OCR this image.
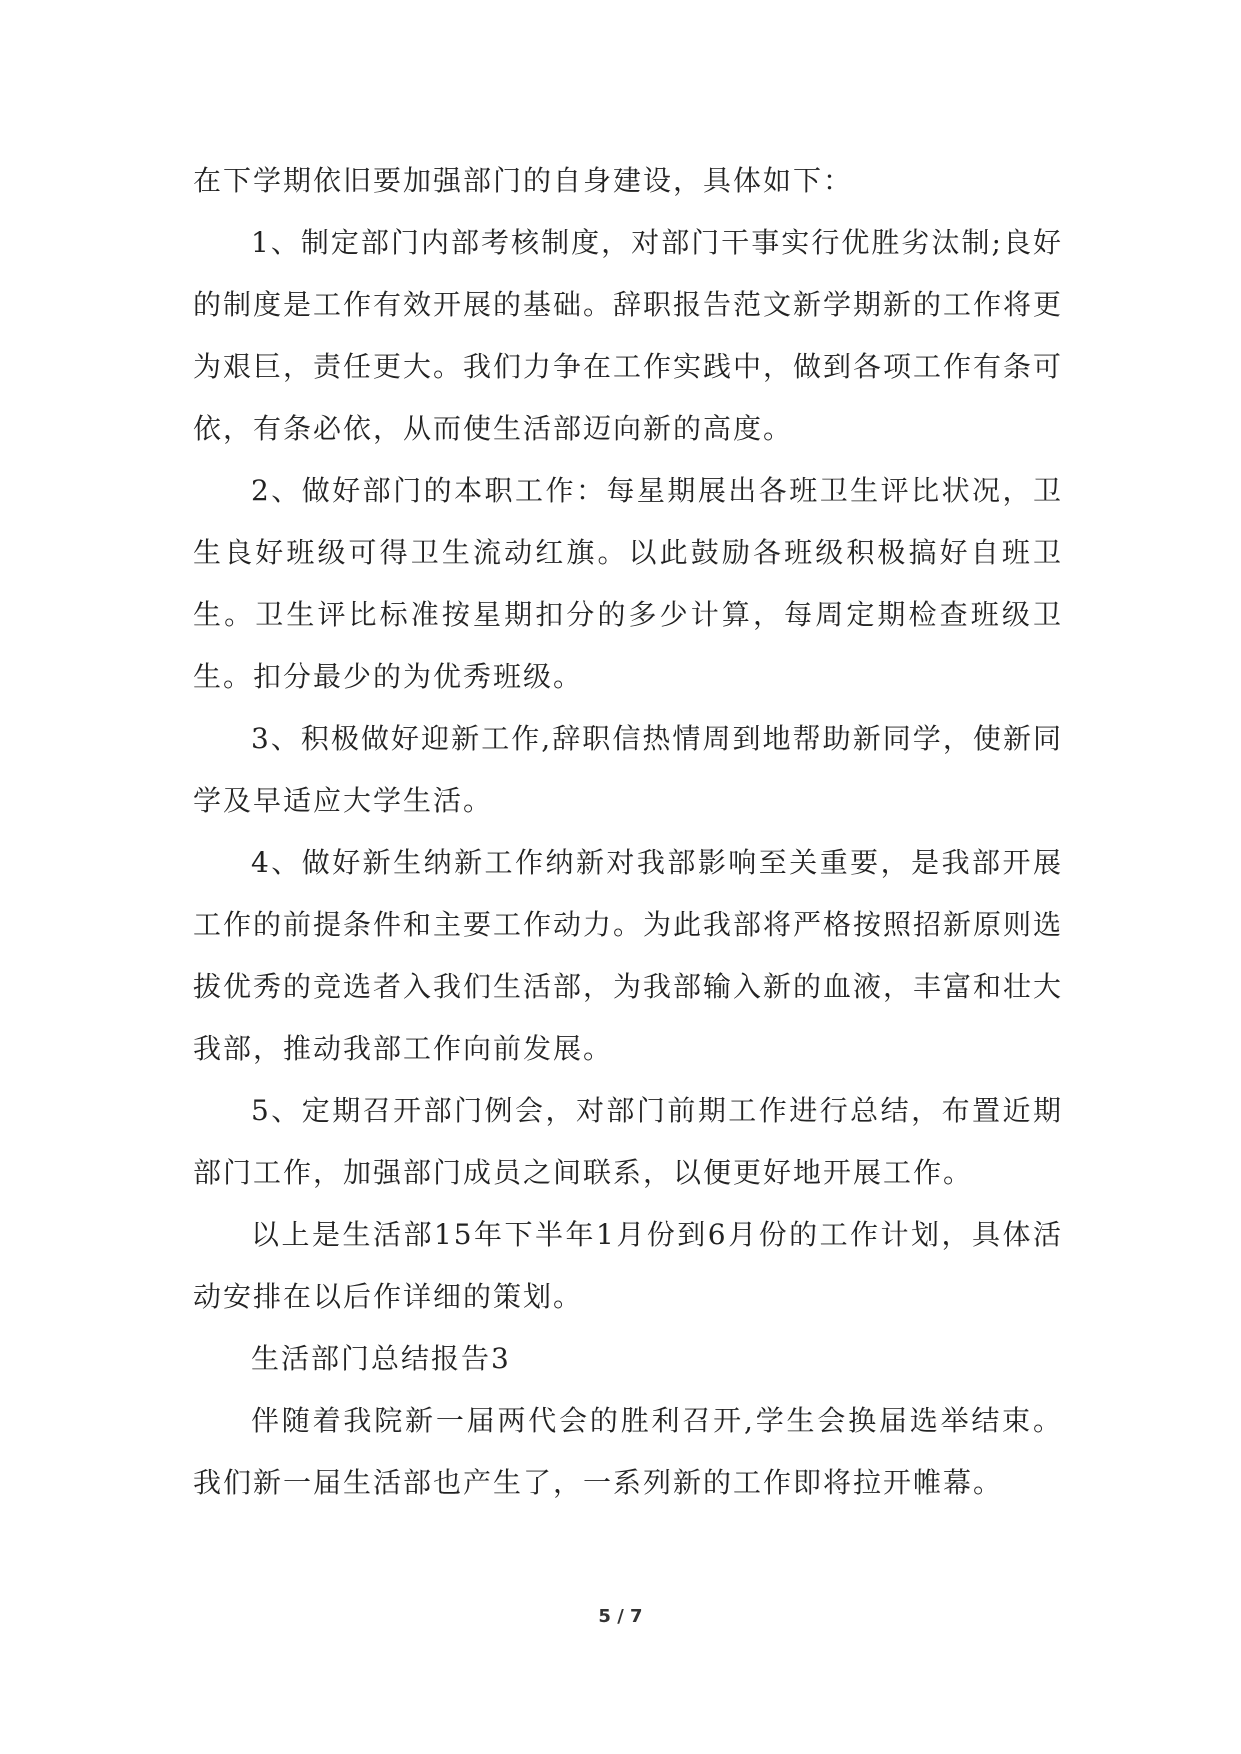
在下学期依旧要加强部门的自身建设，具体如下：

1、制定部门内部考核制度，对部门干事实行优胜劣汰制;良好的制度是工作有效开展的基础。辞职报告范文新学期新的工作将更为艰巨，责任更大。我们力争在工作实践中，做到各项工作有条可依，有条必依，从而使生活部迈向新的高度。

2、做好部门的本职工作：每星期展出各班卫生评比状况，卫生良好班级可得卫生流动红旗。以此鼓励各班级积极搞好自班卫生。卫生评比标准按星期扣分的多少计算，每周定期检查班级卫生。扣分最少的为优秀班级。

3、积极做好迎新工作,辞职信热情周到地帮助新同学，使新同学及早适应大学生活。

4、做好新生纳新工作纳新对我部影响至关重要，是我部开展工作的前提条件和主要工作动力。为此我部将严格按照招新原则选拔优秀的竞选者入我们生活部，为我部输入新的血液，丰富和壮大我部，推动我部工作向前发展。

5、定期召开部门例会，对部门前期工作进行总结，布置近期部门工作，加强部门成员之间联系，以便更好地开展工作。

以上是生活部15年下半年1月份到6月份的工作计划，具体活动安排在以后作详细的策划。

生活部门总结报告3

伴随着我院新一届两代会的胜利召开,学生会换届选举结束。我们新一届生活部也产生了，一系列新的工作即将拉开帷幕。

5 / 7
